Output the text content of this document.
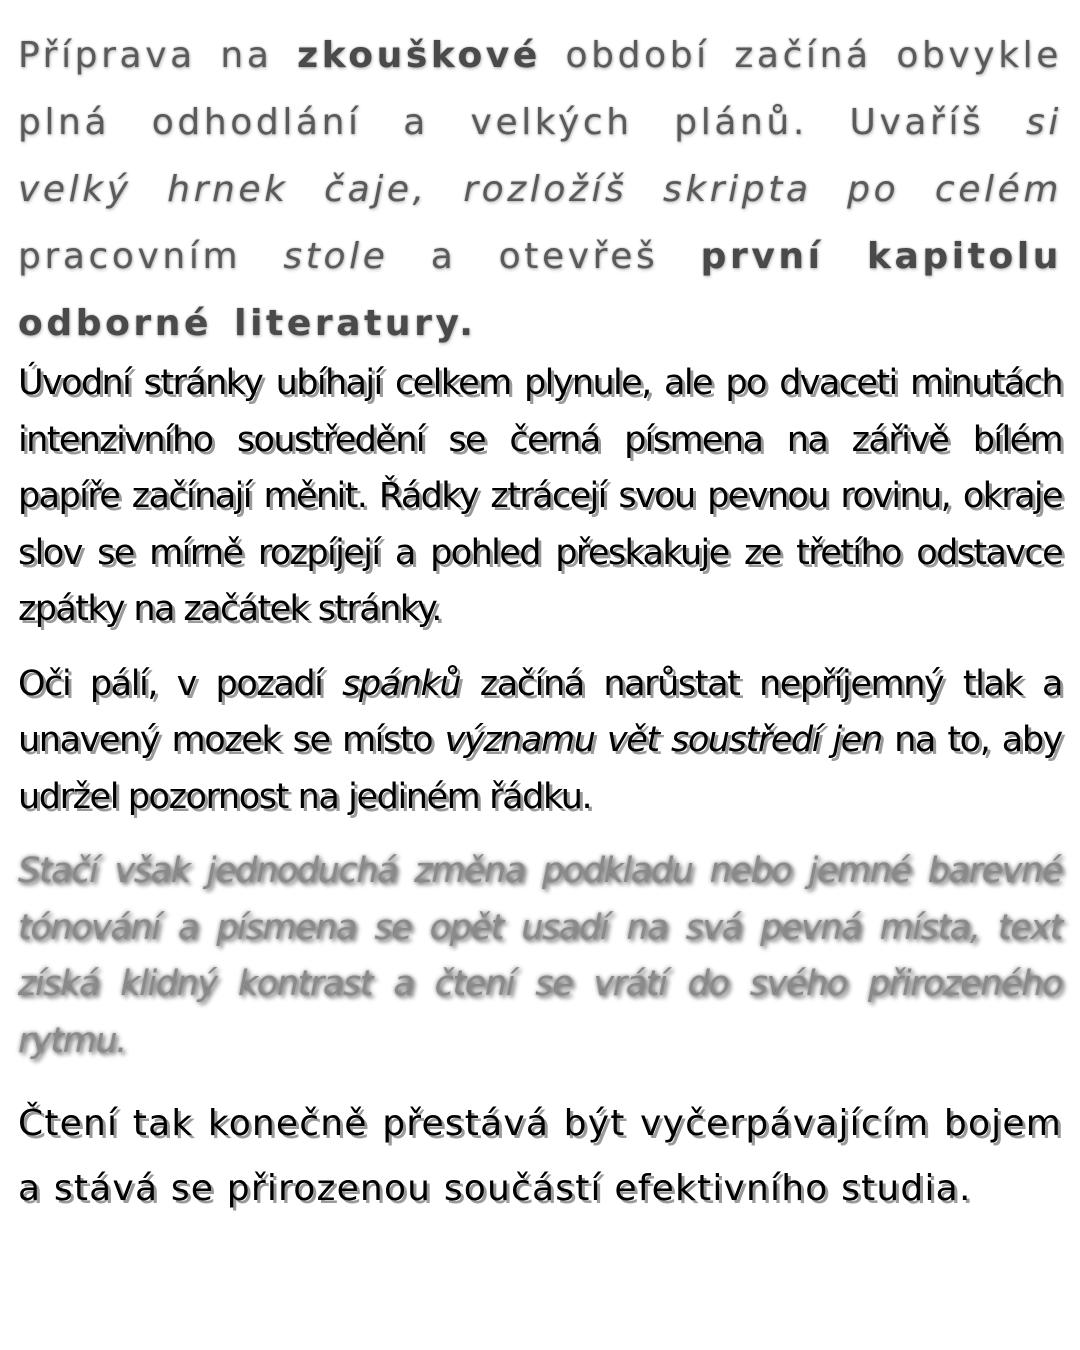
Příprava na zkouškové období začíná obvykle plná odhodlání a velkých plánů. Uvaříš si velký hrnek čaje, rozložíš skripta po celém pracovním stole a otevřeš první kapitolu odborné literatury.

Úvodní stránky ubíhají celkem plynule, ale po dvaceti minutách intenzivního soustředění se černá písmena na zářivě bílém papíře začínají měnit. Řádky ztrácejí svou pevnou rovinu, okraje slov se mírně rozpíjejí a pohled přeskakuje ze třetího odstavce zpátky na začátek stránky.

Oči pálí, v pozadí spánků začíná narůstat nepříjemný tlak a unavený mozek se místo významu vět soustředí jen na to, aby udržel pozornost na jediném řádku.

Stačí však jednoduchá změna podkladu nebo jemné barevné tónování a písmena se opět usadí na svá pevná místa, text získá klidný kontrast a čtení se vrátí do svého přirozeného rytmu.

Čtení tak konečně přestává být vyčerpávajícím bojem a stává se přirozenou součástí efektivního studia.
